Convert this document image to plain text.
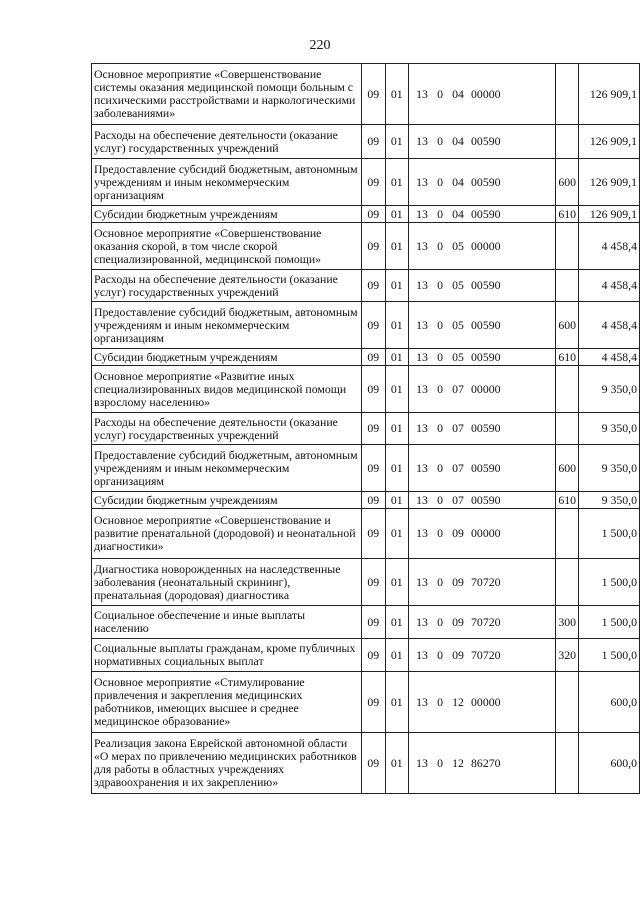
220
Основное мероприятие «Совершенствование системы оказания медицинской помощи больным с психическими расстройствами и наркологическими заболеваниями»	09	01	13 0 04 00000		126 909,1
Расходы на обеспечение деятельности (оказание услуг) государственных учреждений	09	01	13 0 04 00590		126 909,1
Предоставление субсидий бюджетным, автономным учреждениям и иным некоммерческим организациям	09	01	13 0 04 00590	600	126 909,1
Субсидии бюджетным учреждениям	09	01	13 0 04 00590	610	126 909,1
Основное мероприятие «Совершенствование оказания скорой, в том числе скорой специализированной, медицинской помощи»	09	01	13 0 05 00000		4 458,4
Расходы на обеспечение деятельности (оказание услуг) государственных учреждений	09	01	13 0 05 00590		4 458,4
Предоставление субсидий бюджетным, автономным учреждениям и иным некоммерческим организациям	09	01	13 0 05 00590	600	4 458,4
Субсидии бюджетным учреждениям	09	01	13 0 05 00590	610	4 458,4
Основное мероприятие «Развитие иных специализированных видов медицинской помощи взрослому населению»	09	01	13 0 07 00000		9 350,0
Расходы на обеспечение деятельности (оказание услуг) государственных учреждений	09	01	13 0 07 00590		9 350,0
Предоставление субсидий бюджетным, автономным учреждениям и иным некоммерческим организациям	09	01	13 0 07 00590	600	9 350,0
Субсидии бюджетным учреждениям	09	01	13 0 07 00590	610	9 350,0
Основное мероприятие «Совершенствование и развитие пренатальной (дородовой) и неонатальной диагностики»	09	01	13 0 09 00000		1 500,0
Диагностика новорожденных на наследственные заболевания (неонатальный скрининг), пренатальная (дородовая) диагностика	09	01	13 0 09 70720		1 500,0
Социальное обеспечение и иные выплаты населению	09	01	13 0 09 70720	300	1 500,0
Социальные выплаты гражданам, кроме публичных нормативных социальных выплат	09	01	13 0 09 70720	320	1 500,0
Основное мероприятие «Стимулирование привлечения и закрепления медицинских работников, имеющих высшее и среднее медицинское образование»	09	01	13 0 12 00000		600,0
Реализация закона Еврейской автономной области «О мерах по привлечению медицинских работников для работы в областных учреждениях здравоохранения и их закреплению»	09	01	13 0 12 86270		600,0
